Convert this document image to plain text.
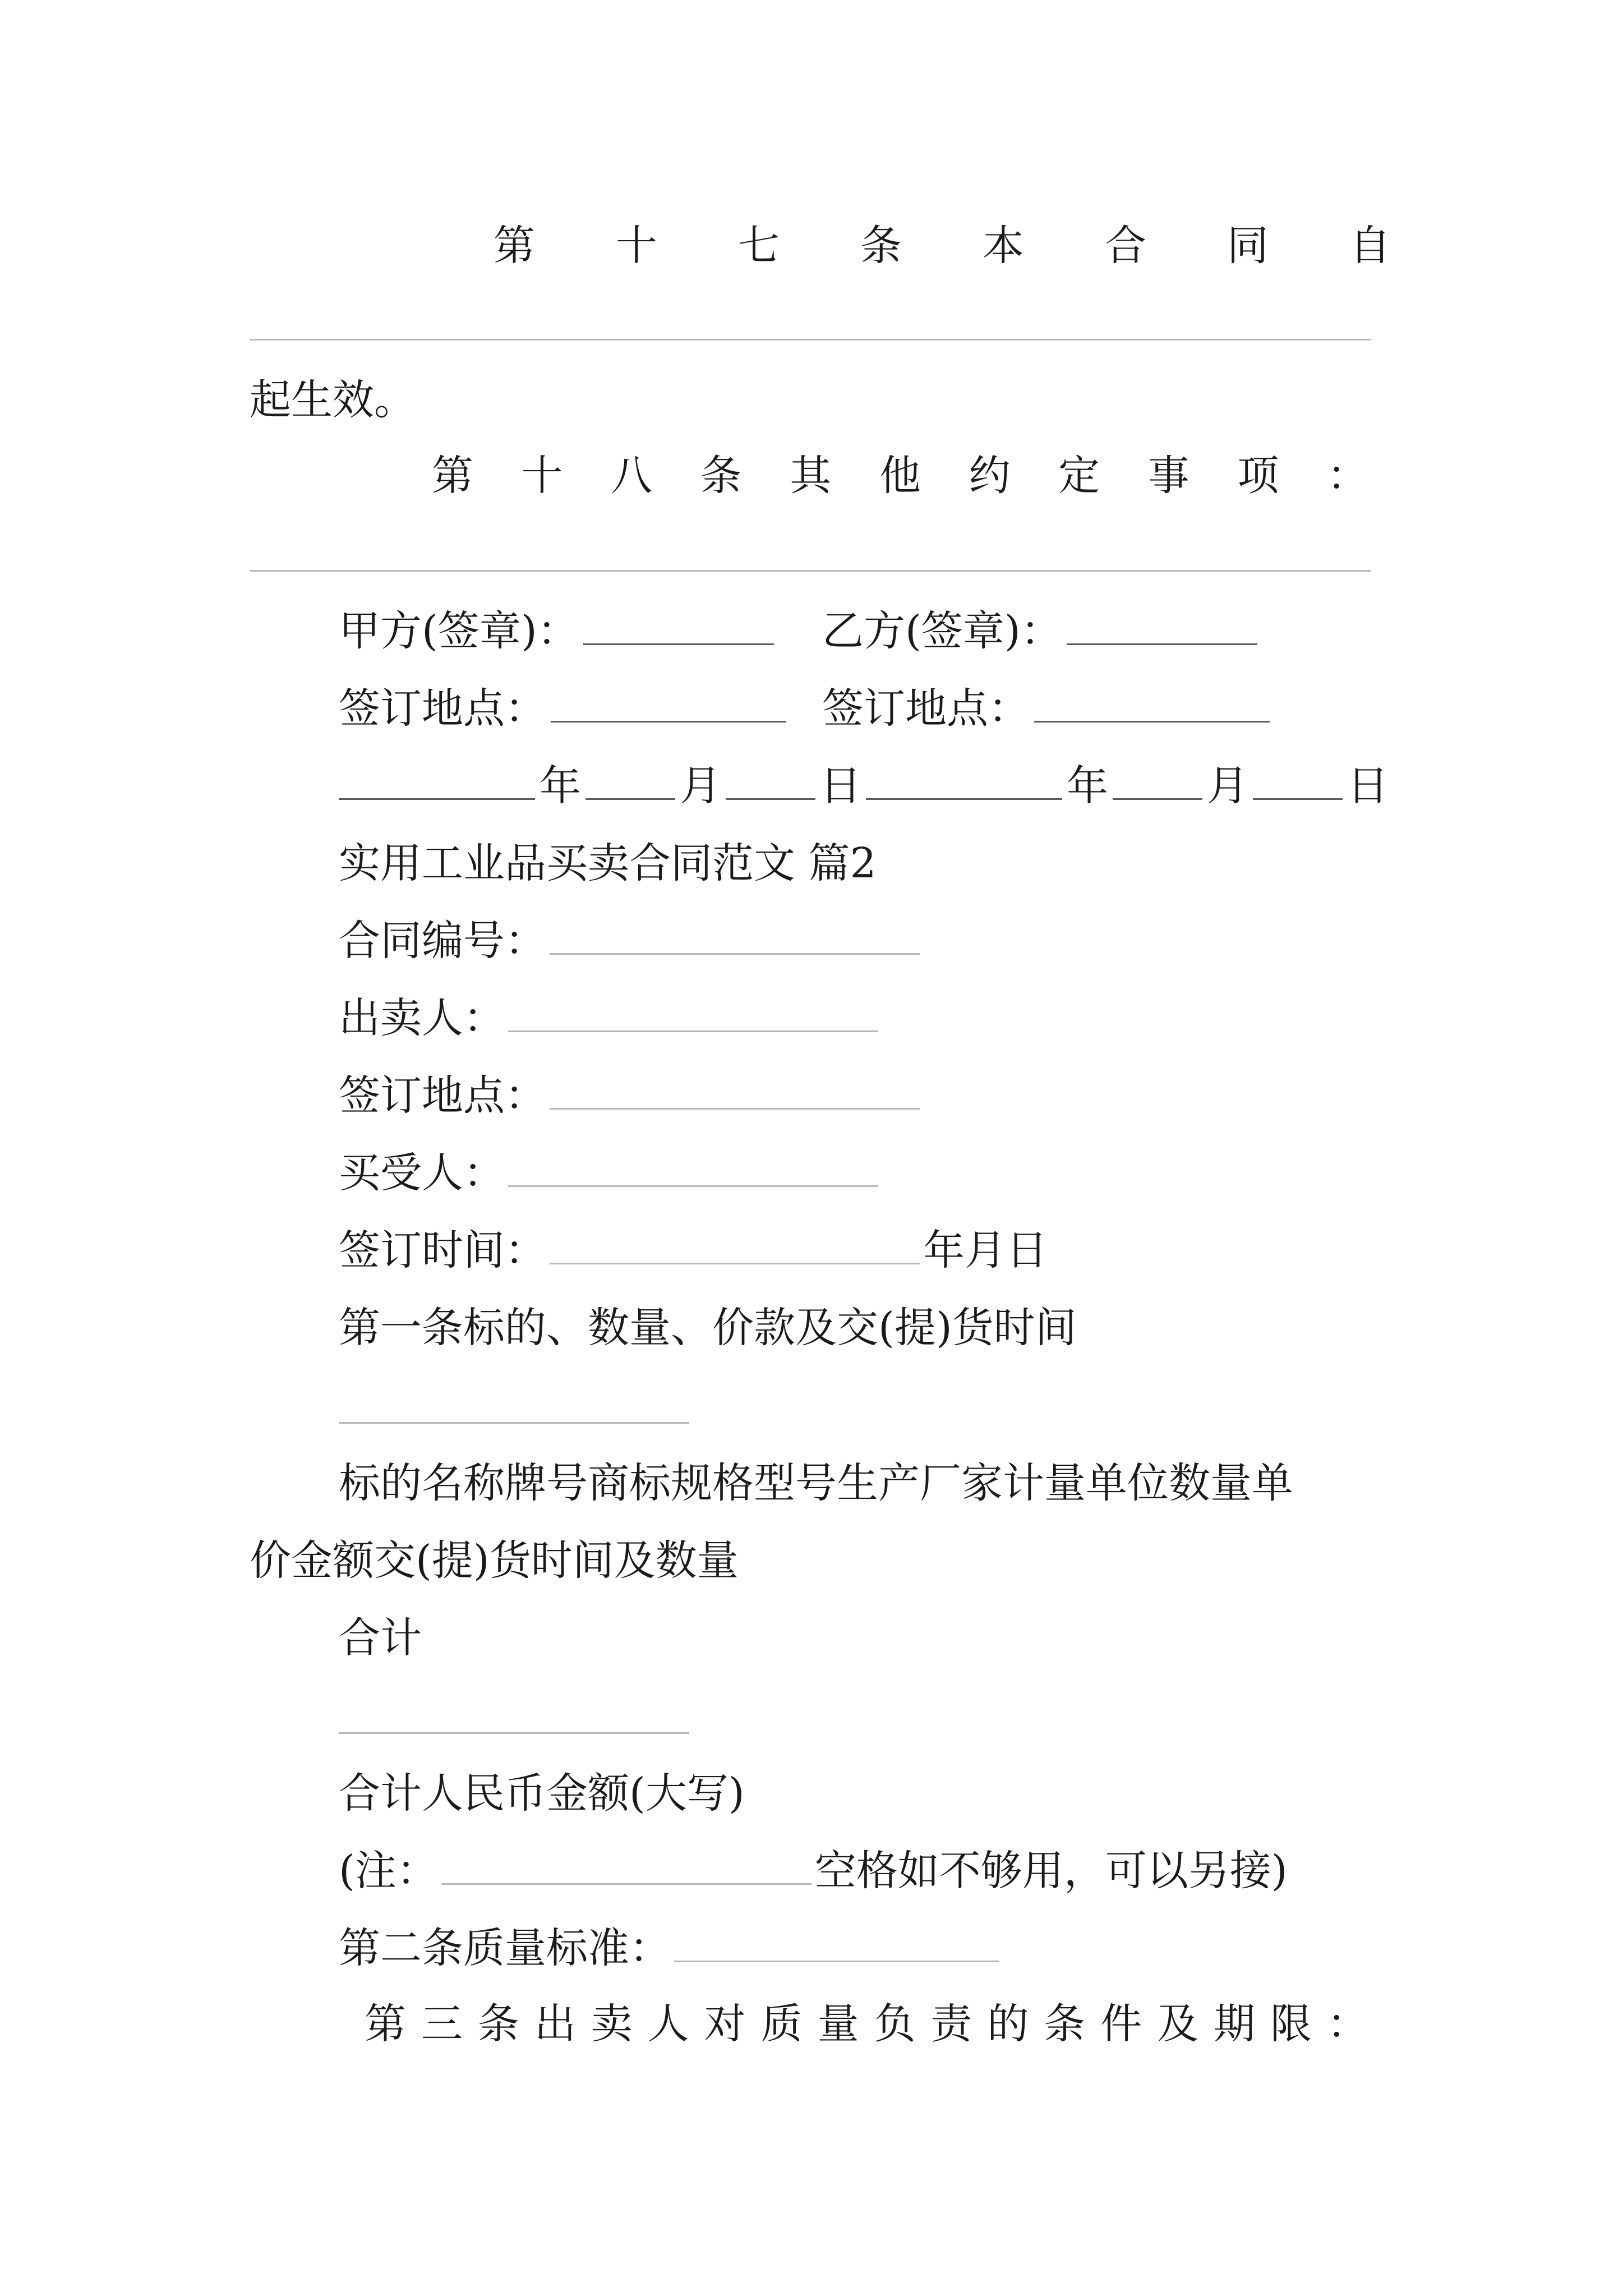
第 十 七 条 本 合 同 自
起生效。
第 十 八 条 其 他 约 定 事 项 ：
甲方(签章)：	乙方(签章)：
签订地点：	签订地点：
年 月 日	年 月 日
实用工业品买卖合同范文 篇2
合同编号：
出卖人：
签订地点：
买受人：
签订时间：	年月日
第一条标的、数量、价款及交(提)货时间
标的名称牌号商标规格型号生产厂家计量单位数量单
价金额交(提)货时间及数量
合计
合计人民币金额(大写)
(注：	空格如不够用，可以另接)
第二条质量标准：
第 三 条 出 卖 人 对 质 量 负 责 的 条 件 及 期 限 ：
